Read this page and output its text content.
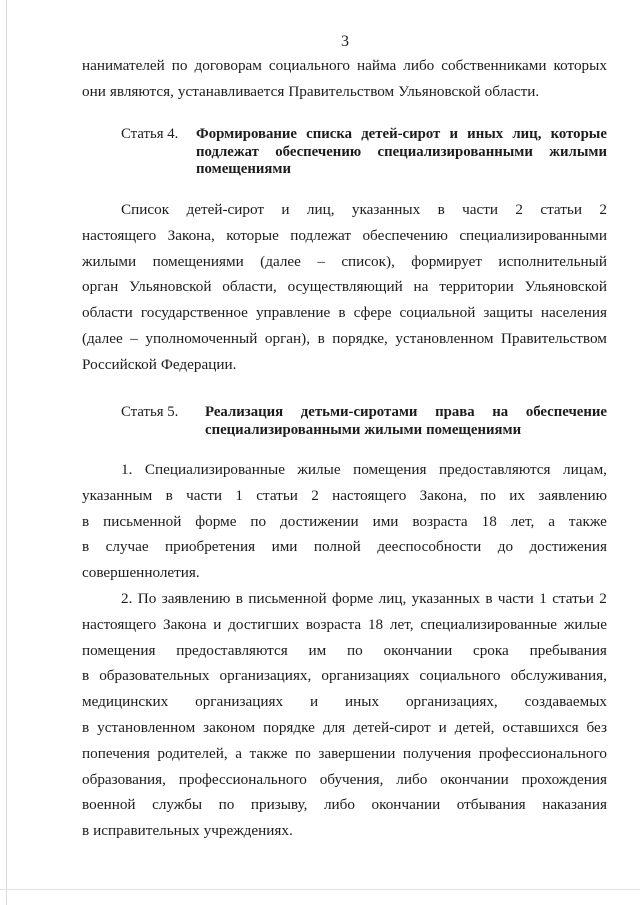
3
нанимателей по договорам социального найма либо собственниками которых
они являются, устанавливается Правительством Ульяновской области.
Статья 4. Формирование списка детей-сирот и иных лиц, которые
подлежат обеспечению специализированными жилыми
помещениями
Список детей-сирот и лиц, указанных в части 2 статьи 2
настоящего Закона, которые подлежат обеспечению специализированными
жилыми помещениями (далее – список), формирует исполнительный
орган Ульяновской области, осуществляющий на территории Ульяновской
области государственное управление в сфере социальной защиты населения
(далее – уполномоченный орган), в порядке, установленном Правительством
Российской Федерации.
Статья 5. Реализация детьми-сиротами права на обеспечение
специализированными жилыми помещениями
1. Специализированные жилые помещения предоставляются лицам,
указанным в части 1 статьи 2 настоящего Закона, по их заявлению
в письменной форме по достижении ими возраста 18 лет, а также
в случае приобретения ими полной дееспособности до достижения
совершеннолетия.
2. По заявлению в письменной форме лиц, указанных в части 1 статьи 2
настоящего Закона и достигших возраста 18 лет, специализированные жилые
помещения предоставляются им по окончании срока пребывания
в образовательных организациях, организациях социального обслуживания,
медицинских организациях и иных организациях, создаваемых
в установленном законом порядке для детей-сирот и детей, оставшихся без
попечения родителей, а также по завершении получения профессионального
образования, профессионального обучения, либо окончании прохождения
военной службы по призыву, либо окончании отбывания наказания
в исправительных учреждениях.
